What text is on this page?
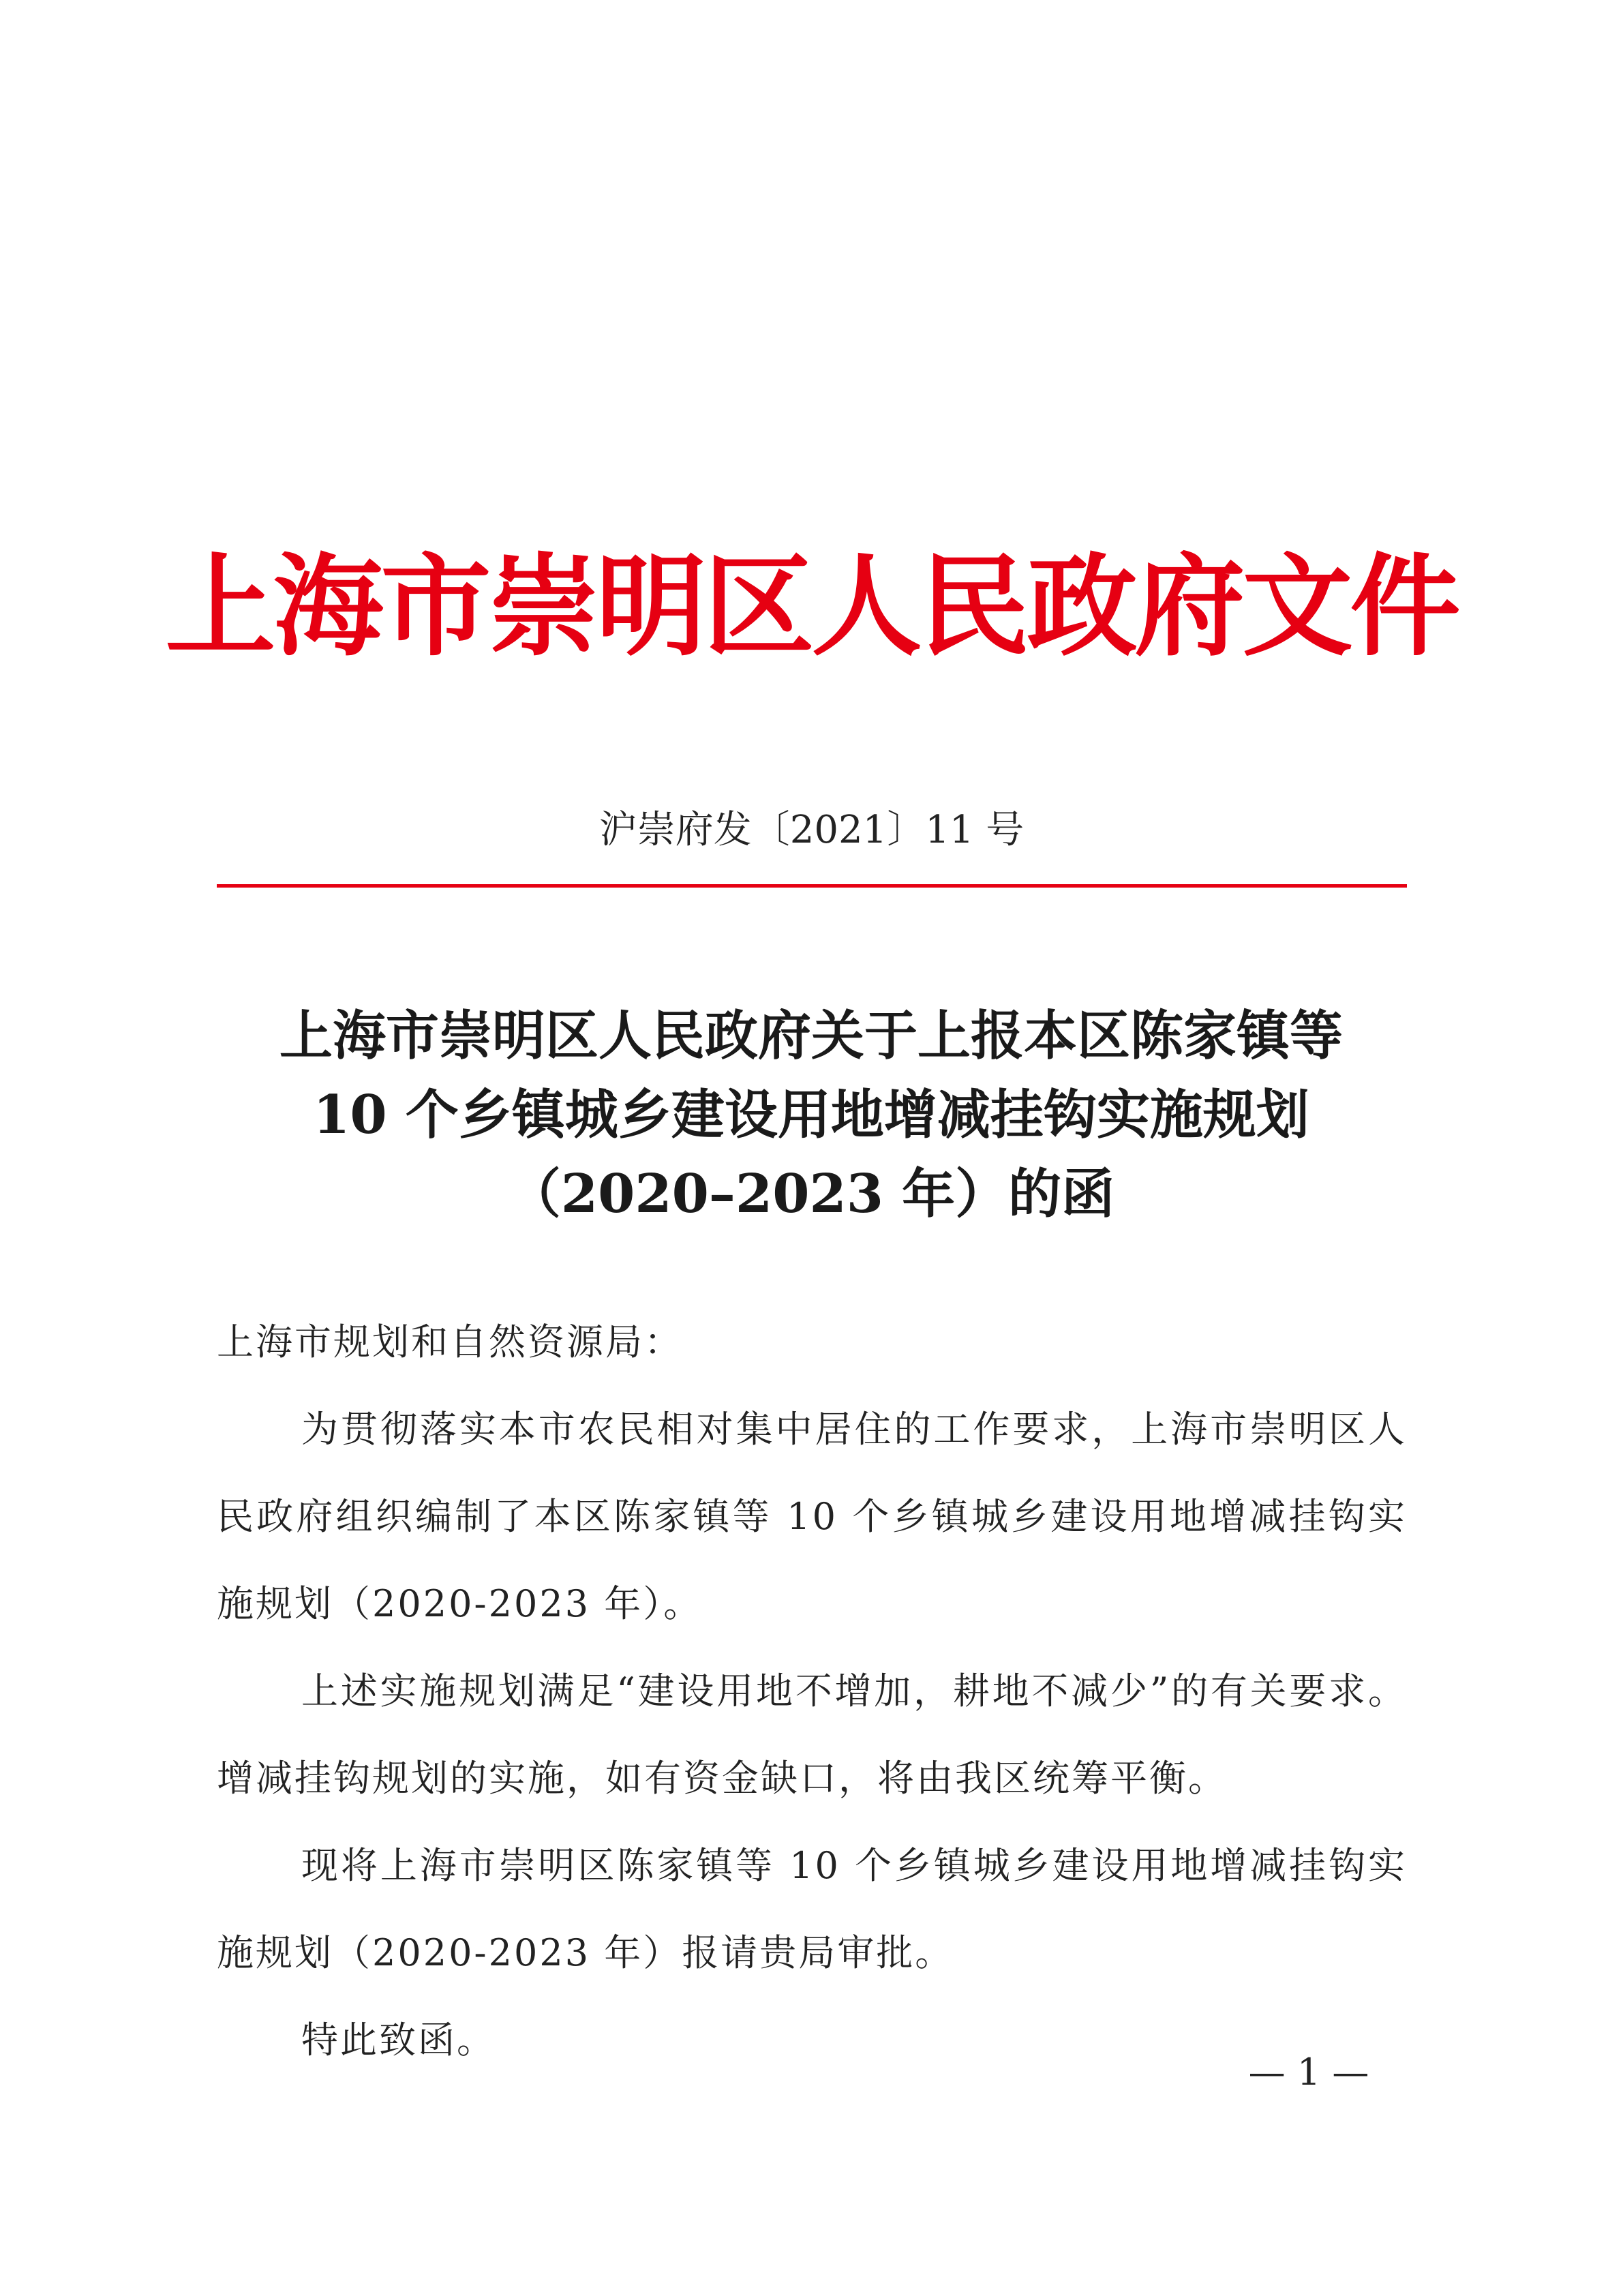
上海市崇明区人民政府文件
沪崇府发〔2021〕11 号
上海市崇明区人民政府关于上报本区陈家镇等
10 个乡镇城乡建设用地增减挂钩实施规划
（2020–2023 年）的函

上海市规划和自然资源局：

为贯彻落实本市农民相对集中居住的工作要求，上海市崇明区人民政府组织编制了本区陈家镇等 10 个乡镇城乡建设用地增减挂钩实施规划（2020-2023 年）。

上述实施规划满足“建设用地不增加，耕地不减少”的有关要求。增减挂钩规划的实施，如有资金缺口，将由我区统筹平衡。

现将上海市崇明区陈家镇等 10 个乡镇城乡建设用地增减挂钩实施规划（2020-2023 年）报请贵局审批。

特此致函。

— 1 —
